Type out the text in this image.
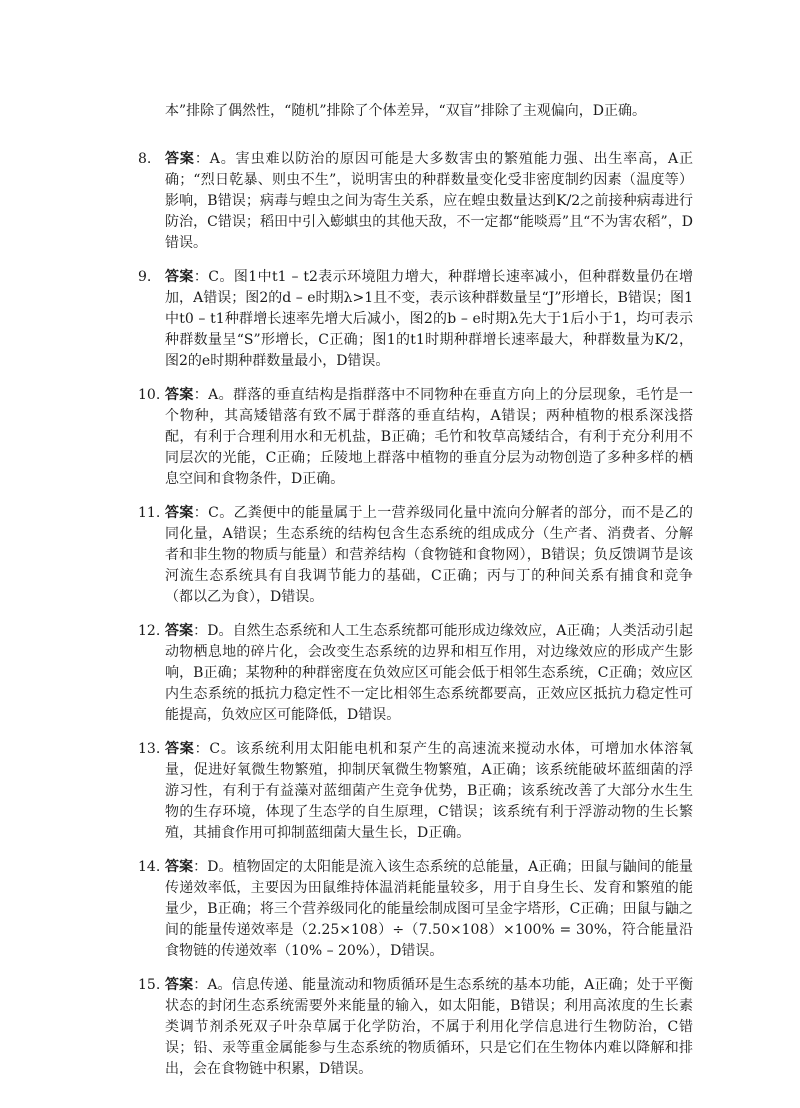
本”排除了偶然性，“随机”排除了个体差异，“双盲”排除了主观偏向，D正确。

8. 答案：A。害虫难以防治的原因可能是大多数害虫的繁殖能力强、出生率高，A正确；“烈日乾暴、则虫不生”，说明害虫的种群数量变化受非密度制约因素（温度等）影响，B错误；病毒与蝗虫之间为寄生关系，应在蝗虫数量达到K/2之前接种病毒进行防治，C错误；稻田中引入蟛蜞虫的其他天敌，不一定都“能啖焉”且“不为害农稻”，D错误。
9. 答案：C。图1中t1 – t2表示环境阻力增大，种群增长速率减小，但种群数量仍在增加，A错误；图2的d – e时期λ>1且不变，表示该种群数量呈“J”形增长，B错误；图1中t0 – t1种群增长速率先增大后减小，图2的b – e时期λ先大于1后小于1，均可表示种群数量呈“S”形增长，C正确；图1的t1时期种群增长速率最大，种群数量为K/2，图2的e时期种群数量最小，D错误。
10. 答案：A。群落的垂直结构是指群落中不同物种在垂直方向上的分层现象，毛竹是一个物种，其高矮错落有致不属于群落的垂直结构，A错误；两种植物的根系深浅搭配，有利于合理利用水和无机盐，B正确；毛竹和牧草高矮结合，有利于充分利用不同层次的光能，C正确；丘陵地上群落中植物的垂直分层为动物创造了多种多样的栖息空间和食物条件，D正确。
11. 答案：C。乙粪便中的能量属于上一营养级同化量中流向分解者的部分，而不是乙的同化量，A错误；生态系统的结构包含生态系统的组成成分（生产者、消费者、分解者和非生物的物质与能量）和营养结构（食物链和食物网），B错误；负反馈调节是该河流生态系统具有自我调节能力的基础，C正确；丙与丁的种间关系有捕食和竞争（都以乙为食），D错误。
12. 答案：D。自然生态系统和人工生态系统都可能形成边缘效应，A正确；人类活动引起动物栖息地的碎片化，会改变生态系统的边界和相互作用，对边缘效应的形成产生影响，B正确；某物种的种群密度在负效应区可能会低于相邻生态系统，C正确；效应区内生态系统的抵抗力稳定性不一定比相邻生态系统都要高，正效应区抵抗力稳定性可能提高，负效应区可能降低，D错误。
13. 答案：C。该系统利用太阳能电机和泵产生的高速流来搅动水体，可增加水体溶氧量，促进好氧微生物繁殖，抑制厌氧微生物繁殖，A正确；该系统能破坏蓝细菌的浮游习性，有利于有益藻对蓝细菌产生竞争优势，B正确；该系统改善了大部分水生生物的生存环境，体现了生态学的自生原理，C错误；该系统有利于浮游动物的生长繁殖，其捕食作用可抑制蓝细菌大量生长，D正确。
14. 答案：D。植物固定的太阳能是流入该生态系统的总能量，A正确；田鼠与鼬间的能量传递效率低，主要因为田鼠维持体温消耗能量较多，用于自身生长、发育和繁殖的能量少，B正确；将三个营养级同化的能量绘制成图可呈金字塔形，C正确；田鼠与鼬之间的能量传递效率是（2.25×108）÷（7.50×108）×100% = 30%，符合能量沿食物链的传递效率（10% – 20%），D错误。
15. 答案：A。信息传递、能量流动和物质循环是生态系统的基本功能，A正确；处于平衡状态的封闭生态系统需要外来能量的输入，如太阳能，B错误；利用高浓度的生长素类调节剂杀死双子叶杂草属于化学防治，不属于利用化学信息进行生物防治，C错误；铅、汞等重金属能参与生态系统的物质循环，只是它们在生物体内难以降解和排出，会在食物链中积累，D错误。
